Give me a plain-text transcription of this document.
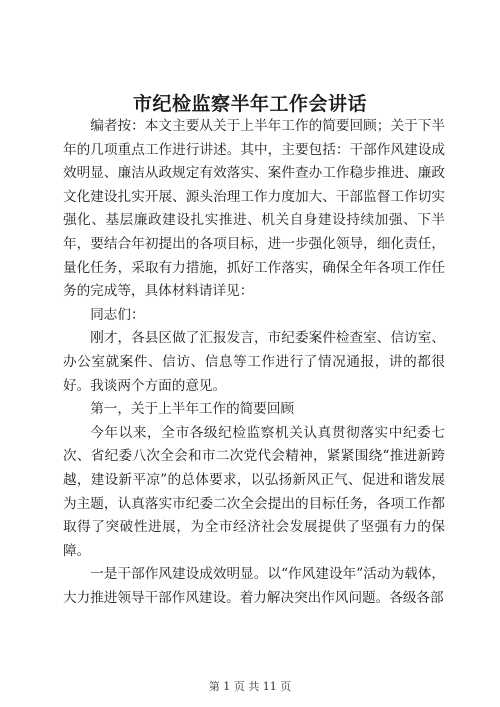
市纪检监察半年工作会讲话

编者按：本文主要从关于上半年工作的简要回顾；关于下半年的几项重点工作进行讲述。其中，主要包括：干部作风建设成效明显、廉洁从政规定有效落实、案件查办工作稳步推进、廉政文化建设扎实开展、源头治理工作力度加大、干部监督工作切实强化、基层廉政建设扎实推进、机关自身建设持续加强、下半年，要结合年初提出的各项目标，进一步强化领导，细化责任，量化任务，采取有力措施，抓好工作落实，确保全年各项工作任务的完成等，具体材料请详见：

同志们：

刚才，各县区做了汇报发言，市纪委案件检查室、信访室、办公室就案件、信访、信息等工作进行了情况通报，讲的都很好。我谈两个方面的意见。

第一，关于上半年工作的简要回顾

今年以来，全市各级纪检监察机关认真贯彻落实中纪委七次、省纪委八次全会和市二次党代会精神，紧紧围绕“推进新跨越，建设新平凉”的总体要求，以弘扬新风正气、促进和谐发展为主题，认真落实市纪委二次全会提出的目标任务，各项工作都取得了突破性进展，为全市经济社会发展提供了坚强有力的保障。

一是干部作风建设成效明显。以“作风建设年”活动为载体，大力推进领导干部作风建设。着力解决突出作风问题。各级各部

第 1 页 共 11 页
